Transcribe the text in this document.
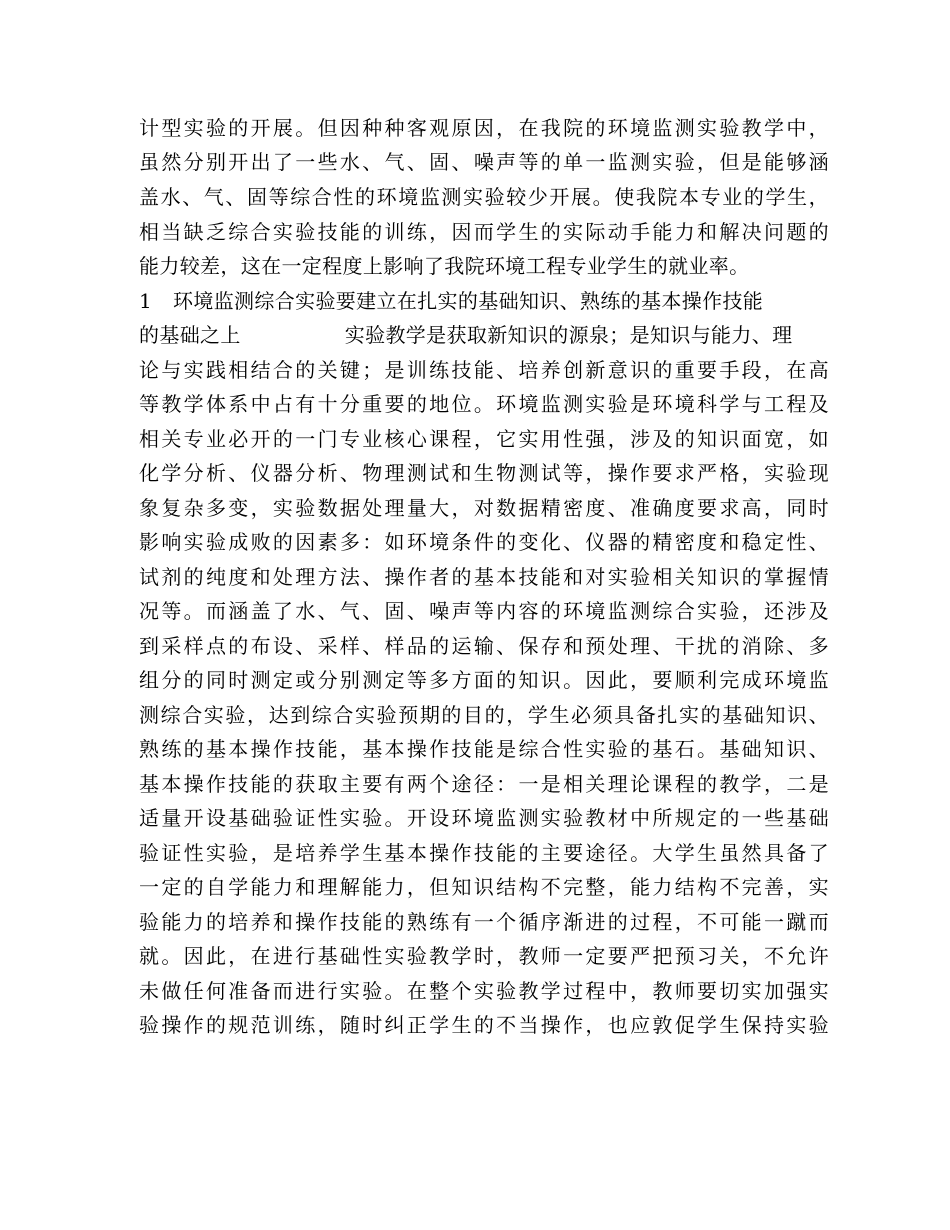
计型实验的开展。但因种种客观原因，在我院的环境监测实验教学中，
虽然分别开出了一些水、气、固、噪声等的单一监测实验，但是能够涵
盖水、气、固等综合性的环境监测实验较少开展。使我院本专业的学生，
相当缺乏综合实验技能的训练，因而学生的实际动手能力和解决问题的
能力较差，这在一定程度上影响了我院环境工程专业学生的就业率。
1 环境监测综合实验要建立在扎实的基础知识、熟练的基本操作技能
的基础之上	实验教学是获取新知识的源泉；是知识与能力、理
论与实践相结合的关键；是训练技能、培养创新意识的重要手段，在高
等教学体系中占有十分重要的地位。环境监测实验是环境科学与工程及
相关专业必开的一门专业核心课程，它实用性强，涉及的知识面宽，如
化学分析、仪器分析、物理测试和生物测试等，操作要求严格，实验现
象复杂多变，实验数据处理量大，对数据精密度、准确度要求高，同时
影响实验成败的因素多：如环境条件的变化、仪器的精密度和稳定性、
试剂的纯度和处理方法、操作者的基本技能和对实验相关知识的掌握情
况等。而涵盖了水、气、固、噪声等内容的环境监测综合实验，还涉及
到采样点的布设、采样、样品的运输、保存和预处理、干扰的消除、多
组分的同时测定或分别测定等多方面的知识。因此，要顺利完成环境监
测综合实验，达到综合实验预期的目的，学生必须具备扎实的基础知识、
熟练的基本操作技能，基本操作技能是综合性实验的基石。基础知识、
基本操作技能的获取主要有两个途径：一是相关理论课程的教学，二是
适量开设基础验证性实验。开设环境监测实验教材中所规定的一些基础
验证性实验，是培养学生基本操作技能的主要途径。大学生虽然具备了
一定的自学能力和理解能力，但知识结构不完整，能力结构不完善，实
验能力的培养和操作技能的熟练有一个循序渐进的过程，不可能一蹴而
就。因此，在进行基础性实验教学时，教师一定要严把预习关，不允许
未做任何准备而进行实验。在整个实验教学过程中，教师要切实加强实
验操作的规范训练，随时纠正学生的不当操作，也应敦促学生保持实验
